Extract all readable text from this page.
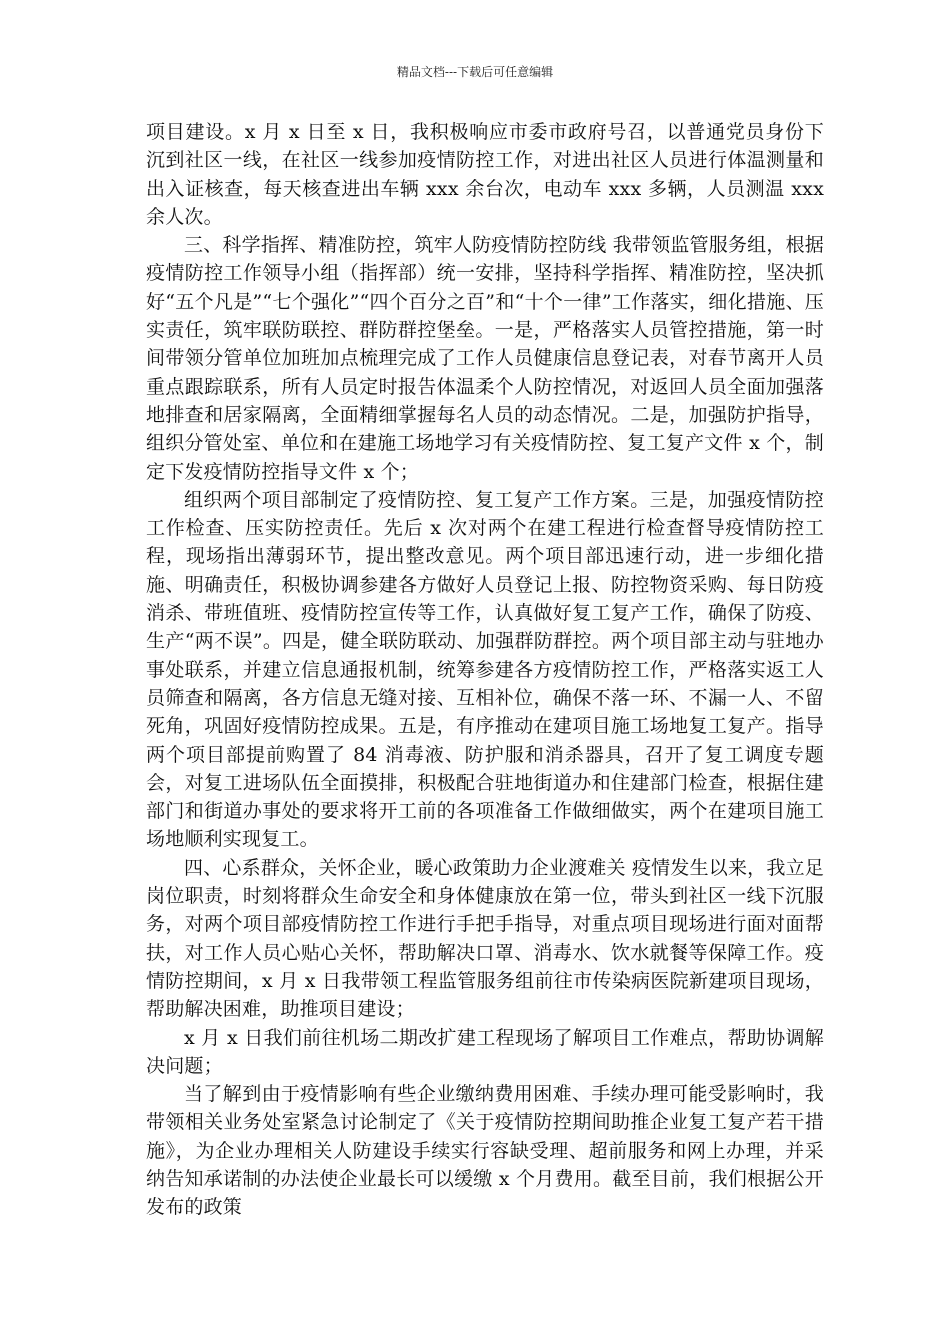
精品文档---下载后可任意编辑

项目建设。x 月 x 日至 x 日，我积极响应市委市政府号召，以普通党员身份下沉到社区一线，在社区一线参加疫情防控工作，对进出社区人员进行体温测量和出入证核查，每天核查进出车辆 xxx 余台次，电动车 xxx 多辆，人员测温 xxx 余人次。

三、科学指挥、精准防控，筑牢人防疫情防控防线 我带领监管服务组，根据疫情防控工作领导小组（指挥部）统一安排，坚持科学指挥、精准防控，坚决抓好“五个凡是”“七个强化”“四个百分之百”和“十个一律”工作落实，细化措施、压实责任，筑牢联防联控、群防群控堡垒。一是，严格落实人员管控措施，第一时间带领分管单位加班加点梳理完成了工作人员健康信息登记表，对春节离开人员重点跟踪联系，所有人员定时报告体温柔个人防控情况，对返回人员全面加强落地排查和居家隔离，全面精细掌握每名人员的动态情况。二是，加强防护指导，组织分管处室、单位和在建施工场地学习有关疫情防控、复工复产文件 x 个，制定下发疫情防控指导文件 x 个；

组织两个项目部制定了疫情防控、复工复产工作方案。三是，加强疫情防控工作检查、压实防控责任。先后 x 次对两个在建工程进行检查督导疫情防控工程，现场指出薄弱环节，提出整改意见。两个项目部迅速行动，进一步细化措施、明确责任，积极协调参建各方做好人员登记上报、防控物资采购、每日防疫消杀、带班值班、疫情防控宣传等工作，认真做好复工复产工作，确保了防疫、生产“两不误”。四是，健全联防联动、加强群防群控。两个项目部主动与驻地办事处联系，并建立信息通报机制，统筹参建各方疫情防控工作，严格落实返工人员筛查和隔离，各方信息无缝对接、互相补位，确保不落一环、不漏一人、不留死角，巩固好疫情防控成果。五是，有序推动在建项目施工场地复工复产。指导两个项目部提前购置了 84 消毒液、防护服和消杀器具，召开了复工调度专题会，对复工进场队伍全面摸排，积极配合驻地街道办和住建部门检查，根据住建部门和街道办事处的要求将开工前的各项准备工作做细做实，两个在建项目施工场地顺利实现复工。

四、心系群众，关怀企业，暖心政策助力企业渡难关 疫情发生以来，我立足岗位职责，时刻将群众生命安全和身体健康放在第一位，带头到社区一线下沉服务，对两个项目部疫情防控工作进行手把手指导，对重点项目现场进行面对面帮扶，对工作人员心贴心关怀，帮助解决口罩、消毒水、饮水就餐等保障工作。疫情防控期间，x 月 x 日我带领工程监管服务组前往市传染病医院新建项目现场，帮助解决困难，助推项目建设；

x 月 x 日我们前往机场二期改扩建工程现场了解项目工作难点，帮助协调解决问题；

当了解到由于疫情影响有些企业缴纳费用困难、手续办理可能受影响时，我带领相关业务处室紧急讨论制定了《关于疫情防控期间助推企业复工复产若干措施》，为企业办理相关人防建设手续实行容缺受理、超前服务和网上办理，并采纳告知承诺制的办法使企业最长可以缓缴 x 个月费用。截至目前，我们根据公开发布的政策
